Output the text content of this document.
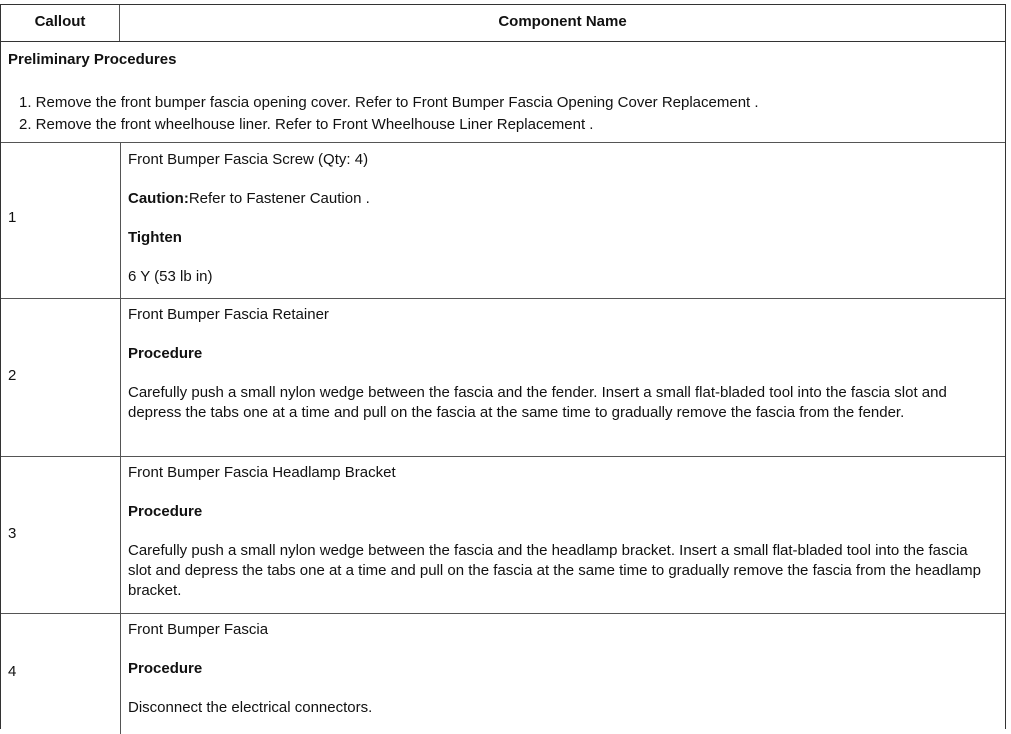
Callout	Component Name
Preliminary Procedures
1. Remove the front bumper fascia opening cover. Refer to Front Bumper Fascia Opening Cover Replacement .
2. Remove the front wheelhouse liner. Refer to Front Wheelhouse Liner Replacement .
1
Front Bumper Fascia Screw (Qty: 4)
Caution:Refer to Fastener Caution .
Tighten
6 Y (53 lb in)
2
Front Bumper Fascia Retainer
Procedure
Carefully push a small nylon wedge between the fascia and the fender. Insert a small flat-bladed tool into the fascia slot and depress the tabs one at a time and pull on the fascia at the same time to gradually remove the fascia from the fender.
3
Front Bumper Fascia Headlamp Bracket
Procedure
Carefully push a small nylon wedge between the fascia and the headlamp bracket. Insert a small flat-bladed tool into the fascia slot and depress the tabs one at a time and pull on the fascia at the same time to gradually remove the fascia from the headlamp bracket.
4
Front Bumper Fascia
Procedure
Disconnect the electrical connectors.
